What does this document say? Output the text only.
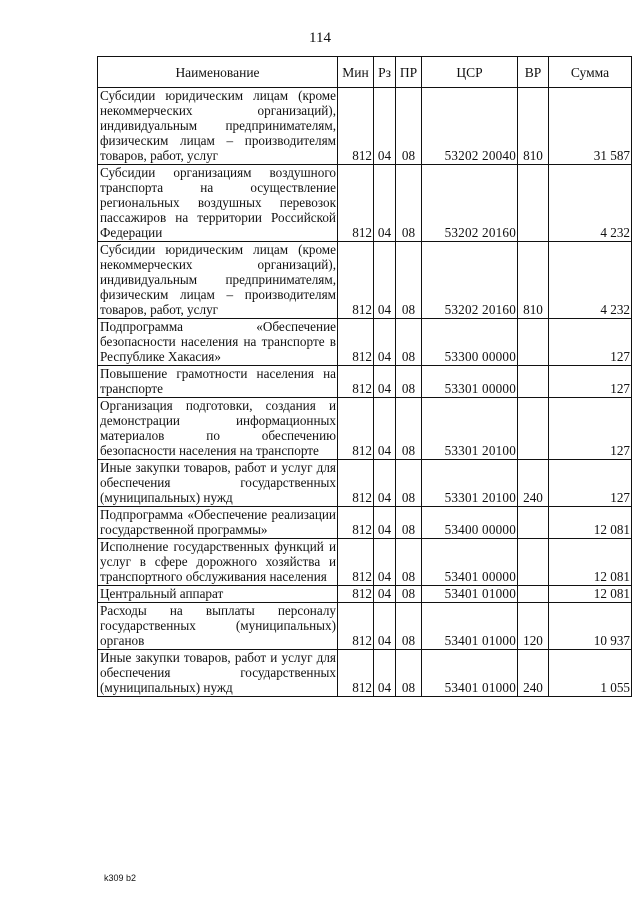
114
Наименование	Мин	Рз	ПР	ЦСР	ВР	Сумма
Субсидии юридическим лицам (кроме некоммерческих организаций), индивидуальным предпринимателям, физическим лицам – производителям товаров, работ, услуг	812	04	08	53202 20040	810	31 587
Субсидии организациям воздушного транспорта на осуществление региональных воздушных перевозок пассажиров на территории Российской Федерации	812	04	08	53202 20160		4 232
Субсидии юридическим лицам (кроме некоммерческих организаций), индивидуальным предпринимателям, физическим лицам – производителям товаров, работ, услуг	812	04	08	53202 20160	810	4 232
Подпрограмма «Обеспечение безопасности населения на транспорте в Республике Хакасия»	812	04	08	53300 00000		127
Повышение грамотности населения на транспорте	812	04	08	53301 00000		127
Организация подготовки, создания и демонстрации информационных материалов по обеспечению безопасности населения на транспорте	812	04	08	53301 20100		127
Иные закупки товаров, работ и услуг для обеспечения государственных (муниципальных) нужд	812	04	08	53301 20100	240	127
Подпрограмма «Обеспечение реализации государственной программы»	812	04	08	53400 00000		12 081
Исполнение государственных функций и услуг в сфере дорожного хозяйства и транспортного обслуживания населения	812	04	08	53401 00000		12 081
Центральный аппарат	812	04	08	53401 01000		12 081
Расходы на выплаты персоналу государственных (муниципальных) органов	812	04	08	53401 01000	120	10 937
Иные закупки товаров, работ и услуг для обеспечения государственных (муниципальных) нужд	812	04	08	53401 01000	240	1 055
k309 b2
